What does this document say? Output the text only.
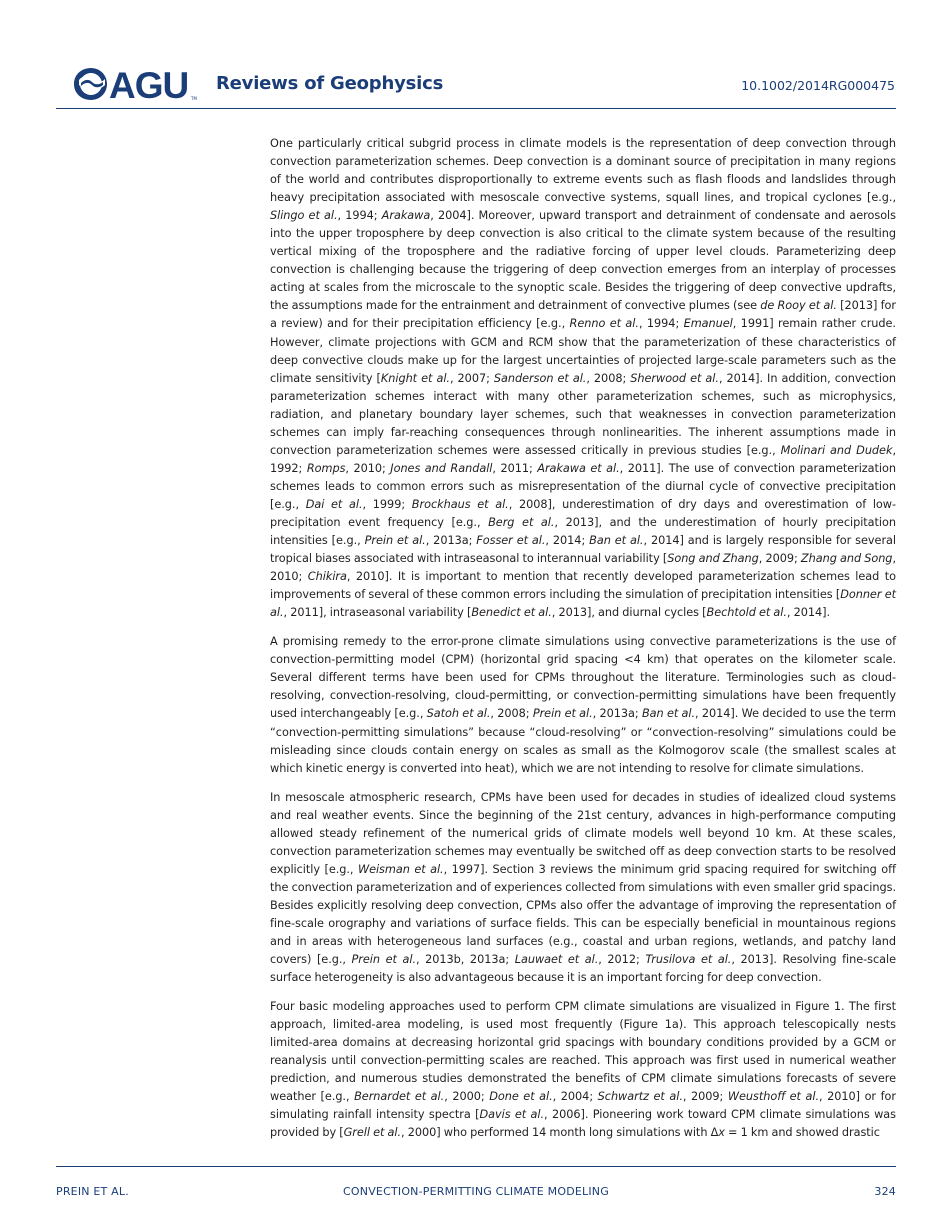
AGU TM
Reviews of Geophysics	10.1002/2014RG000475

One particularly critical subgrid process in climate models is the representation of deep convection through convection parameterization schemes. Deep convection is a dominant source of precipitation in many regions of the world and contributes disproportionally to extreme events such as flash floods and landslides through heavy precipitation associated with mesoscale convective systems, squall lines, and tropical cyclones [e.g., Slingo et al., 1994; Arakawa, 2004]. Moreover, upward transport and detrainment of condensate and aerosols into the upper troposphere by deep convection is also critical to the climate system because of the resulting vertical mixing of the troposphere and the radiative forcing of upper level clouds. Parameterizing deep convection is challenging because the triggering of deep convection emerges from an interplay of processes acting at scales from the microscale to the synoptic scale. Besides the triggering of deep convective updrafts, the assumptions made for the entrainment and detrainment of convective plumes (see de Rooy et al. [2013] for a review) and for their precipitation efficiency [e.g., Renno et al., 1994; Emanuel, 1991] remain rather crude. However, climate projections with GCM and RCM show that the parameterization of these characteristics of deep convective clouds make up for the largest uncertainties of projected large-scale parameters such as the climate sensitivity [Knight et al., 2007; Sanderson et al., 2008; Sherwood et al., 2014]. In addition, convection parameterization schemes interact with many other parameterization schemes, such as microphysics, radiation, and planetary boundary layer schemes, such that weaknesses in convection parameterization schemes can imply far-reaching consequences through nonlinearities. The inherent assumptions made in convection parameterization schemes were assessed critically in previous studies [e.g., Molinari and Dudek, 1992; Romps, 2010; Jones and Randall, 2011; Arakawa et al., 2011]. The use of convection parameterization schemes leads to common errors such as misrepresentation of the diurnal cycle of convective precipitation [e.g., Dai et al., 1999; Brockhaus et al., 2008], underestimation of dry days and overestimation of low-precipitation event frequency [e.g., Berg et al., 2013], and the underestimation of hourly precipitation intensities [e.g., Prein et al., 2013a; Fosser et al., 2014; Ban et al., 2014] and is largely responsible for several tropical biases associated with intraseasonal to interannual variability [Song and Zhang, 2009; Zhang and Song, 2010; Chikira, 2010]. It is important to mention that recently developed parameterization schemes lead to improvements of several of these common errors including the simulation of precipitation intensities [Donner et al., 2011], intraseasonal variability [Benedict et al., 2013], and diurnal cycles [Bechtold et al., 2014].

A promising remedy to the error-prone climate simulations using convective parameterizations is the use of convection-permitting model (CPM) (horizontal grid spacing <4 km) that operates on the kilometer scale. Several different terms have been used for CPMs throughout the literature. Terminologies such as cloud-resolving, convection-resolving, cloud-permitting, or convection-permitting simulations have been frequently used interchangeably [e.g., Satoh et al., 2008; Prein et al., 2013a; Ban et al., 2014]. We decided to use the term “convection-permitting simulations” because “cloud-resolving” or “convection-resolving” simulations could be misleading since clouds contain energy on scales as small as the Kolmogorov scale (the smallest scales at which kinetic energy is converted into heat), which we are not intending to resolve for climate simulations.

In mesoscale atmospheric research, CPMs have been used for decades in studies of idealized cloud systems and real weather events. Since the beginning of the 21st century, advances in high-performance computing allowed steady refinement of the numerical grids of climate models well beyond 10 km. At these scales, convection parameterization schemes may eventually be switched off as deep convection starts to be resolved explicitly [e.g., Weisman et al., 1997]. Section 3 reviews the minimum grid spacing required for switching off the convection parameterization and of experiences collected from simulations with even smaller grid spacings. Besides explicitly resolving deep convection, CPMs also offer the advantage of improving the representation of fine-scale orography and variations of surface fields. This can be especially beneficial in mountainous regions and in areas with heterogeneous land surfaces (e.g., coastal and urban regions, wetlands, and patchy land covers) [e.g., Prein et al., 2013b, 2013a; Lauwaet et al., 2012; Trusilova et al., 2013]. Resolving fine-scale surface heterogeneity is also advantageous because it is an important forcing for deep convection.

Four basic modeling approaches used to perform CPM climate simulations are visualized in Figure 1. The first approach, limited-area modeling, is used most frequently (Figure 1a). This approach telescopically nests limited-area domains at decreasing horizontal grid spacings with boundary conditions provided by a GCM or reanalysis until convection-permitting scales are reached. This approach was first used in numerical weather prediction, and numerous studies demonstrated the benefits of CPM climate simulations forecasts of severe weather [e.g., Bernardet et al., 2000; Done et al., 2004; Schwartz et al., 2009; Weusthoff et al., 2010] or for simulating rainfall intensity spectra [Davis et al., 2006]. Pioneering work toward CPM climate simulations was provided by [Grell et al., 2000] who performed 14 month long simulations with Δx = 1 km and showed drastic

PREIN ET AL.	CONVECTION-PERMITTING CLIMATE MODELING	324
